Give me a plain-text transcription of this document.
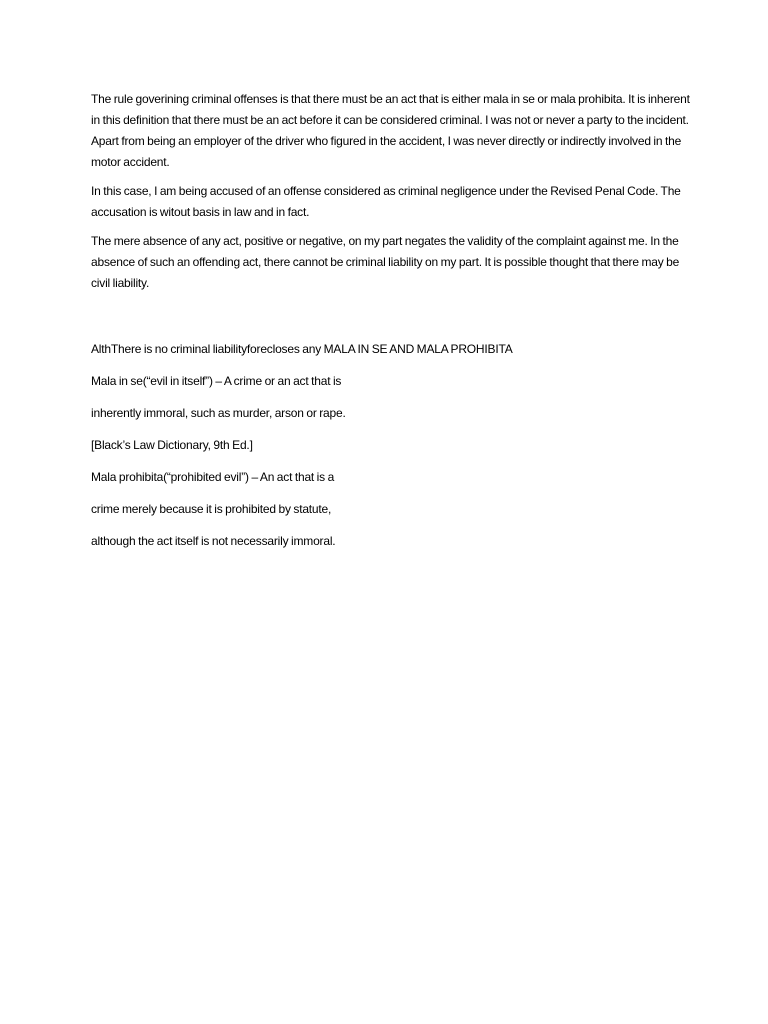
The rule goverining criminal offenses is that there must be an act that is either mala in se or mala prohibita. It is inherent in this definition that there must be an act before it can be considered criminal. I was not or never a party to the incident. Apart from being an employer of the driver who figured in the accident, I was never directly or indirectly involved in the motor accident.

In this case, I am being accused of an offense considered as criminal negligence under the Revised Penal Code. The accusation is witout basis in law and in fact.

The mere absence of any act, positive or negative, on my part negates the validity of the complaint against me. In the absence of such an offending act, there cannot be criminal liability on my part. It is possible thought that there may be civil liability.

AlthThere is no criminal liabilityforecloses any MALA IN SE AND MALA PROHIBITA

Mala in se(“evil in itself”) – A crime or an act that is

inherently immoral, such as murder, arson or rape.

[Black’s Law Dictionary, 9th Ed.]

Mala prohibita(“prohibited evil”) – An act that is a

crime merely because it is prohibited by statute,

although the act itself is not necessarily immoral.
